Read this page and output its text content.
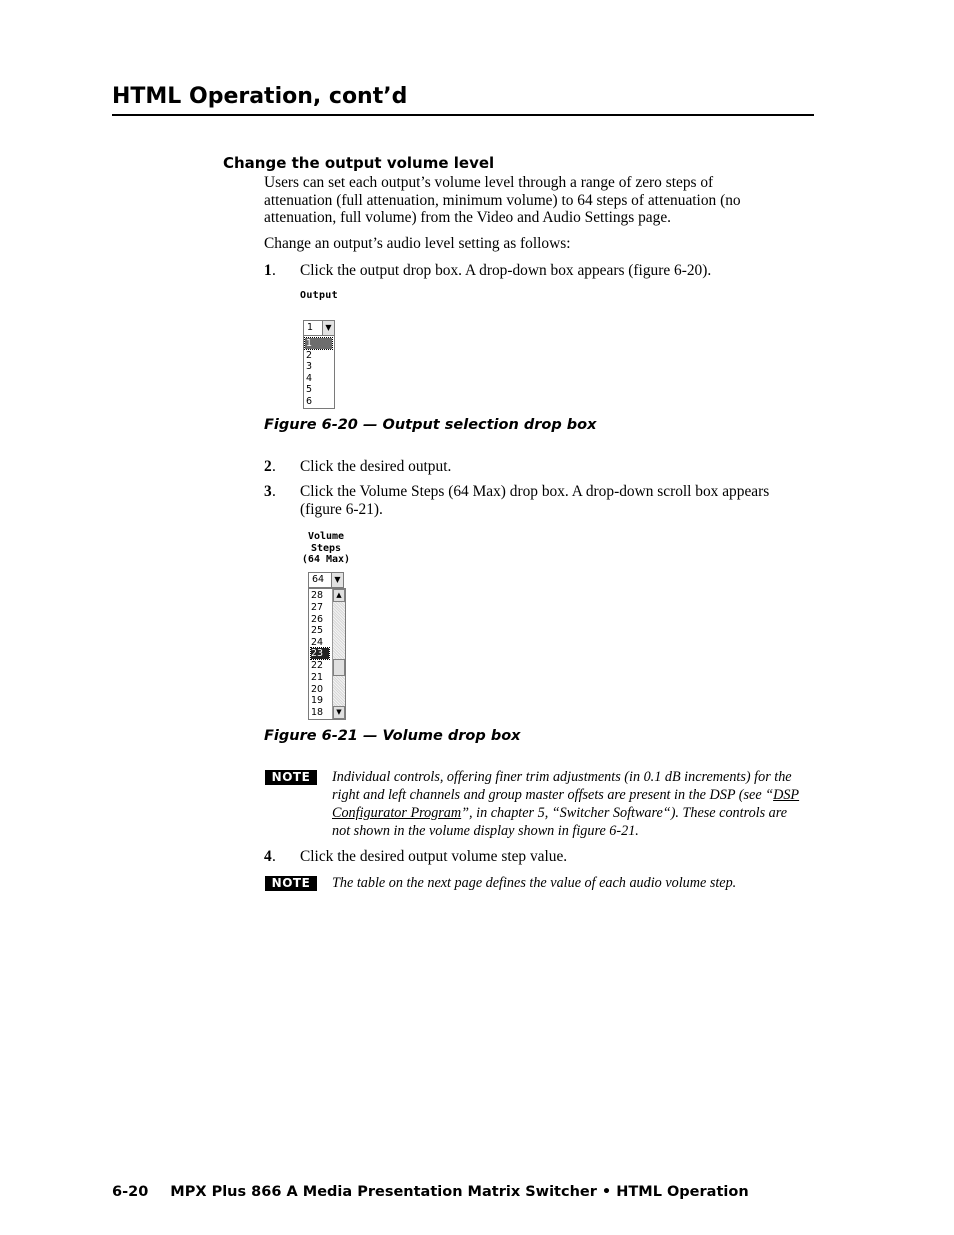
HTML Operation, cont’d
Change the output volume level
Users can set each output’s volume level through a range of zero steps of attenuation (full attenuation, minimum volume) to 64 steps of attenuation (no attenuation, full volume) from the Video and Audio Settings page.
Change an output’s audio level setting as follows:
1 . Click the output drop box. A drop-down box appears (figure 6-20).
Output
1	▼
1
2
3
4
5
6
Figure 6-20 — Output selection drop box
2 . Click the desired output.
3 . Click the Volume Steps (64 Max) drop box. A drop-down scroll box appears (figure 6-21).
Volume
Steps
(64 Max)
64	▼
28
27
26
25
24
23
22
21
20
19
18
▲
▼
Figure 6-21 — Volume drop box
NOTE	Individual controls, offering finer trim adjustments (in 0.1 dB increments) for the right and left channels and group master offsets are present in the DSP (see “DSP Configurator Program”, in chapter 5, “Switcher Software“). These controls are not shown in the volume display shown in figure 6-21.
4 . Click the desired output volume step value.
NOTE	The table on the next page defines the value of each audio volume step.
6-20 MPX Plus 866 A Media Presentation Matrix Switcher • HTML Operation
